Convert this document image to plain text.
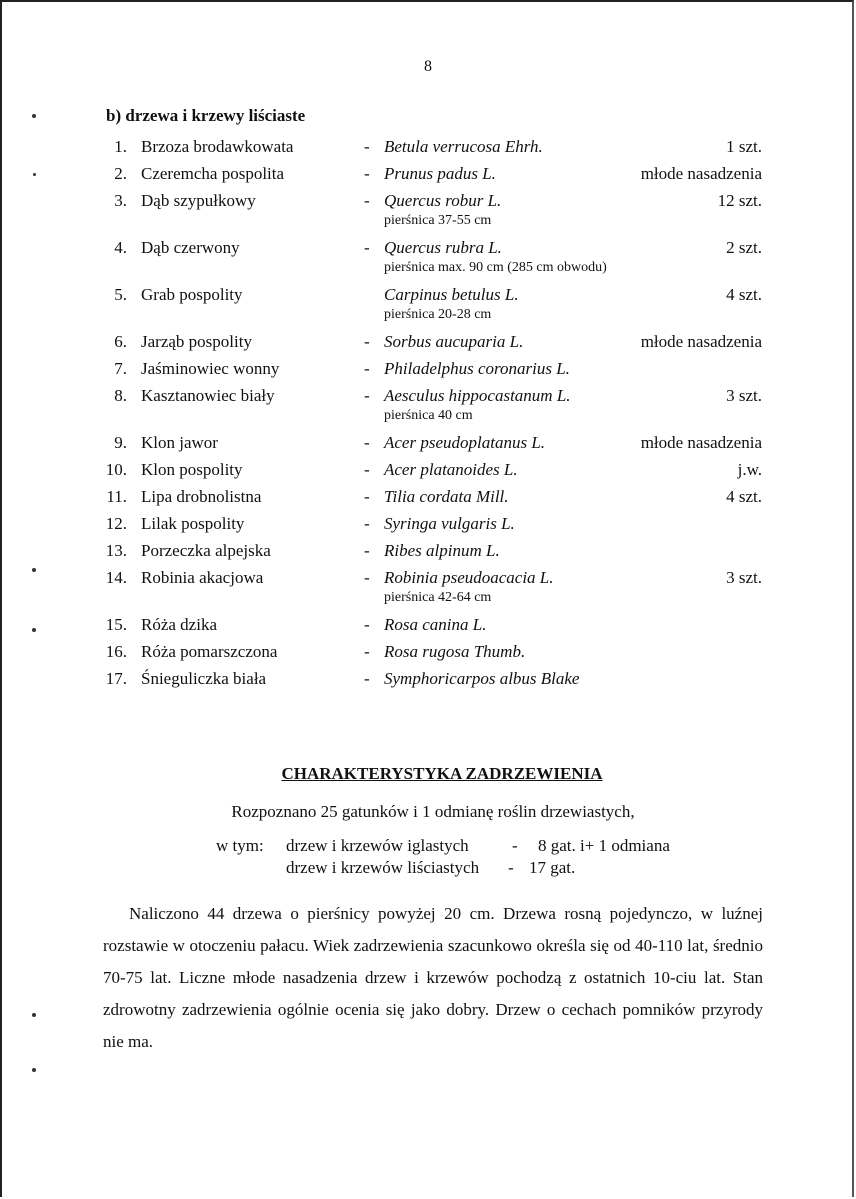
8
b) drzewa i krzewy liściaste
1. Brzoza brodawkowata	- Betula verrucosa Ehrh.	1 szt.
2. Czeremcha pospolita	- Prunus padus L.	młode nasadzenia
3. Dąb szypułkowy	- Quercus robur L.	12 szt.
pierśnica 37-55 cm
4. Dąb czerwony	- Quercus rubra L.	2 szt.
pierśnica max. 90 cm (285 cm obwodu)
5. Grab pospolity	Carpinus betulus L.	4 szt.
pierśnica 20-28 cm
6. Jarząb pospolity	- Sorbus aucuparia L.	młode nasadzenia
7. Jaśminowiec wonny	- Philadelphus coronarius L.
8. Kasztanowiec biały	- Aesculus hippocastanum L.	3 szt.
pierśnica 40 cm
9. Klon jawor	- Acer pseudoplatanus L.	młode nasadzenia
10. Klon pospolity	- Acer platanoides L.	j.w.
11. Lipa drobnolistna	- Tilia cordata Mill.	4 szt.
12. Lilak pospolity	- Syringa vulgaris L.
13. Porzeczka alpejska	- Ribes alpinum L.
14. Robinia akacjowa	- Robinia pseudoacacia L.	3 szt.
pierśnica 42-64 cm
15. Róża dzika	- Rosa canina L.
16. Róża pomarszczona	- Rosa rugosa Thumb.
17. Śnieguliczka biała	- Symphoricarpos albus Blake
CHARAKTERYSTYKA ZADRZEWIENIA
Rozpoznano 25 gatunków i 1 odmianę roślin drzewiastych,
w tym: drzew i krzewów iglastych	- 8 gat. i+ 1 odmiana
drzew i krzewów liściastych - 17 gat.
Naliczono 44 drzewa o pierśnicy powyżej 20 cm. Drzewa rosną pojedynczo, w luźnej rozstawie w otoczeniu pałacu. Wiek zadrzewienia szacunkowo określa się od 40-110 lat, średnio 70-75 lat. Liczne młode nasadzenia drzew i krzewów pochodzą z ostatnich 10-ciu lat. Stan zdrowotny zadrzewienia ogólnie ocenia się jako dobry. Drzew o cechach pomników przyrody nie ma.
